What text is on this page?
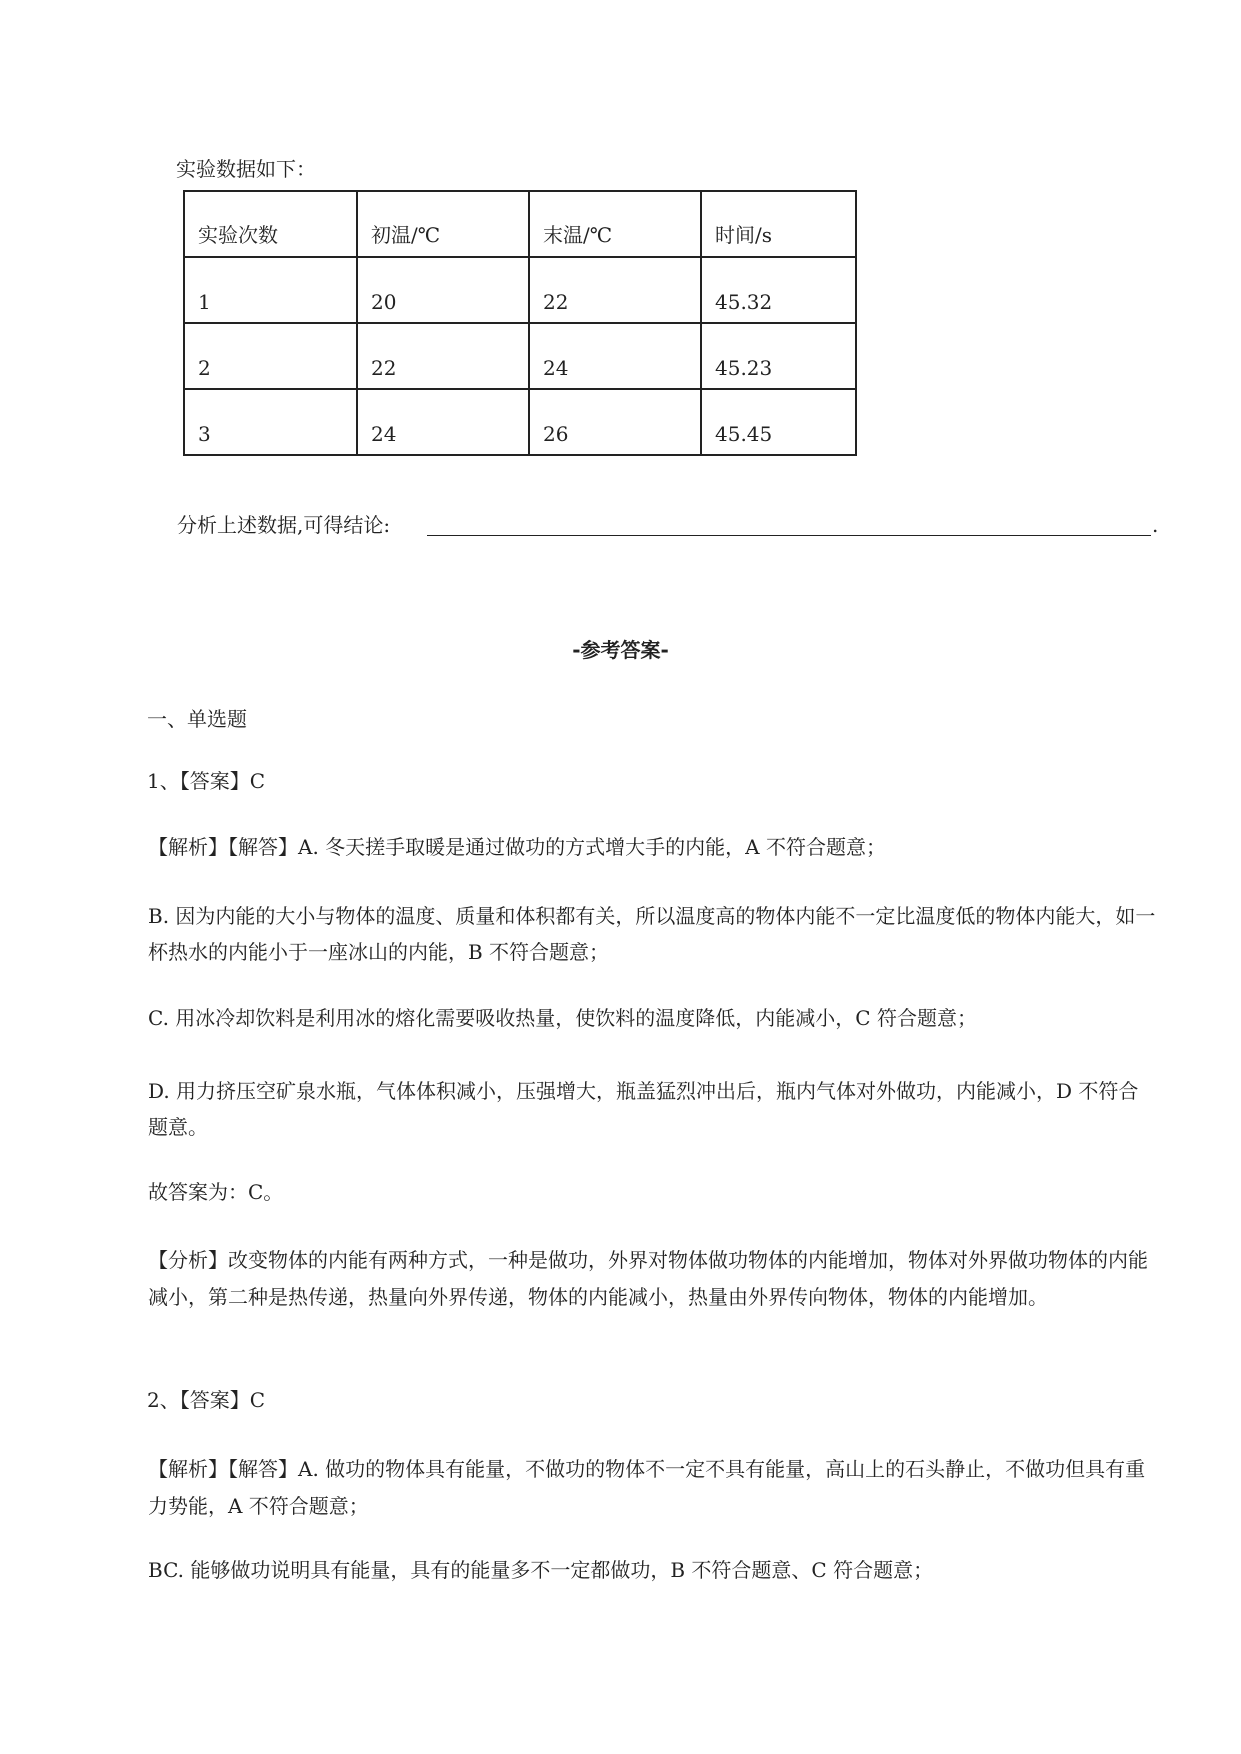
实验数据如下：
实验次数	初温/℃	末温/℃	时间/s
1	20	22	45.32
2	22	24	45.23
3	24	26	45.45
分析上述数据,可得结论:	.
-参考答案-
一、单选题
1、【答案】C
【解析】【解答】A. 冬天搓手取暖是通过做功的方式增大手的内能，A 不符合题意；
B. 因为内能的大小与物体的温度、质量和体积都有关，所以温度高的物体内能不一定比温度低的物体内能大，如一杯热水的内能小于一座冰山的内能，B 不符合题意；
C. 用冰冷却饮料是利用冰的熔化需要吸收热量，使饮料的温度降低，内能减小，C 符合题意；
D. 用力挤压空矿泉水瓶，气体体积减小，压强增大，瓶盖猛烈冲出后，瓶内气体对外做功，内能减小，D 不符合题意。
故答案为：C。
【分析】改变物体的内能有两种方式，一种是做功，外界对物体做功物体的内能增加，物体对外界做功物体的内能减小，第二种是热传递，热量向外界传递，物体的内能减小，热量由外界传向物体，物体的内能增加。
2、【答案】C
【解析】【解答】A. 做功的物体具有能量，不做功的物体不一定不具有能量，高山上的石头静止，不做功但具有重力势能，A 不符合题意；
BC. 能够做功说明具有能量，具有的能量多不一定都做功，B 不符合题意、C 符合题意；
